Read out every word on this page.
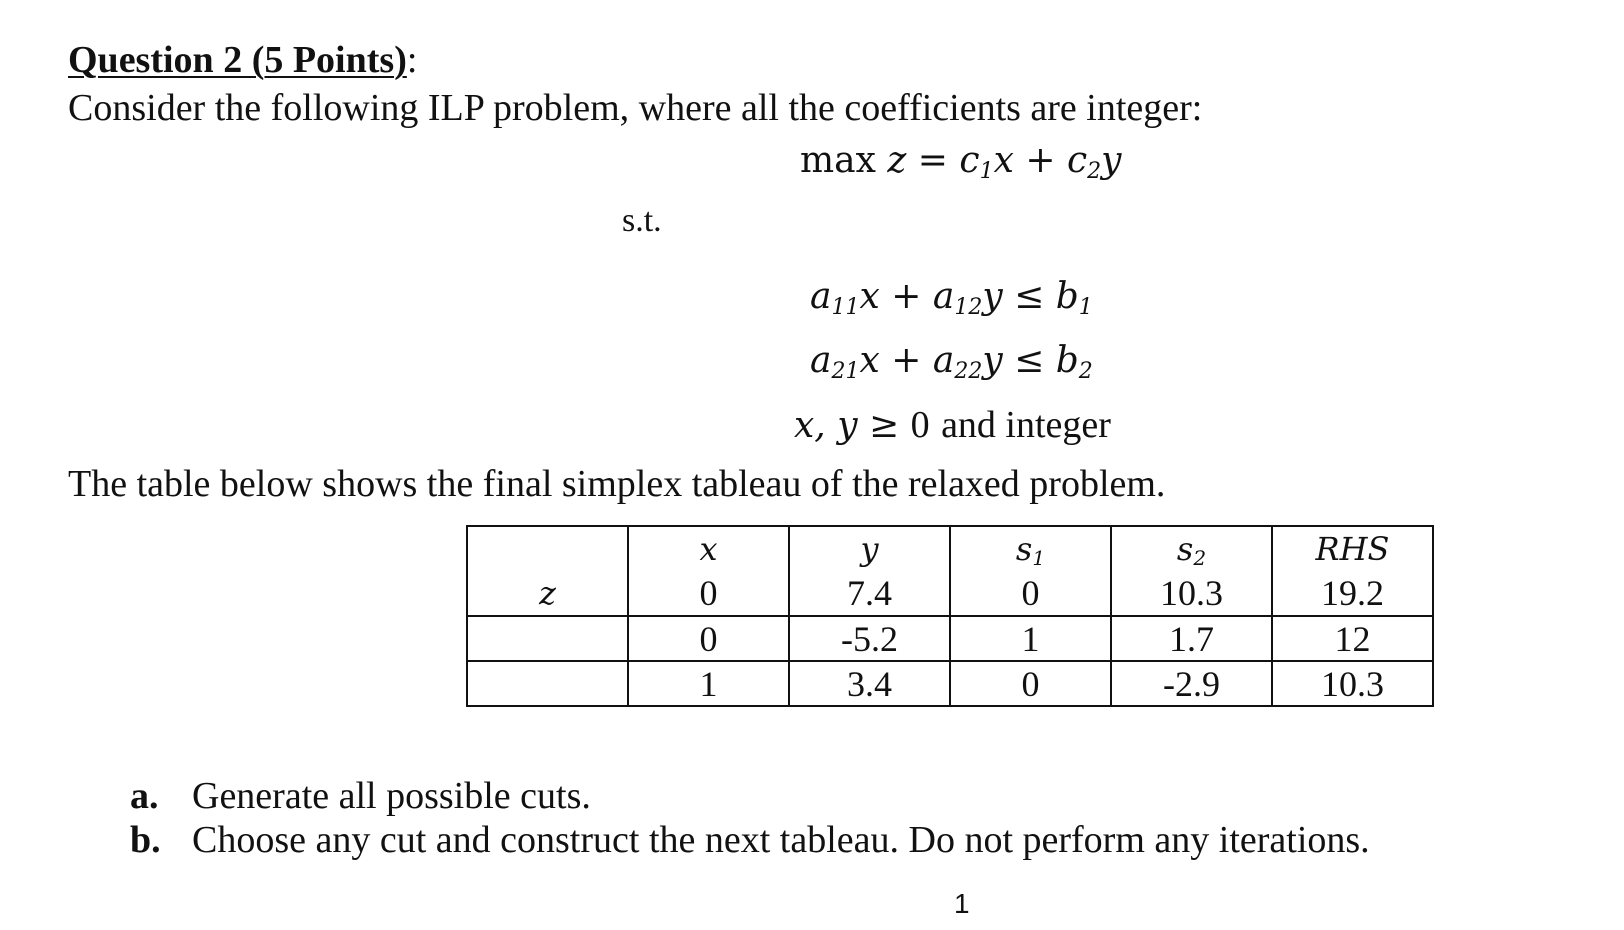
Question 2 (5 Points):
Consider the following ILP problem, where all the coefficients are integer:
$\max z = c_1x + c_2y$
s.t.
$a_{11}x + a_{12}y \le b_1$
$a_{21}x + a_{22}y \le b_2$
x, y ≥ 0 and integer
The table below shows the final simplex tableau of the relaxed problem.
	x	y	$s_1$	$s_2$	RHS
z	0	7.4	0	10.3	19.2
	0	-5.2	1	1.7	12
	1	3.4	0	-2.9	10.3
a. Generate all possible cuts.
b. Choose any cut and construct the next tableau. Do not perform any iterations.
1
